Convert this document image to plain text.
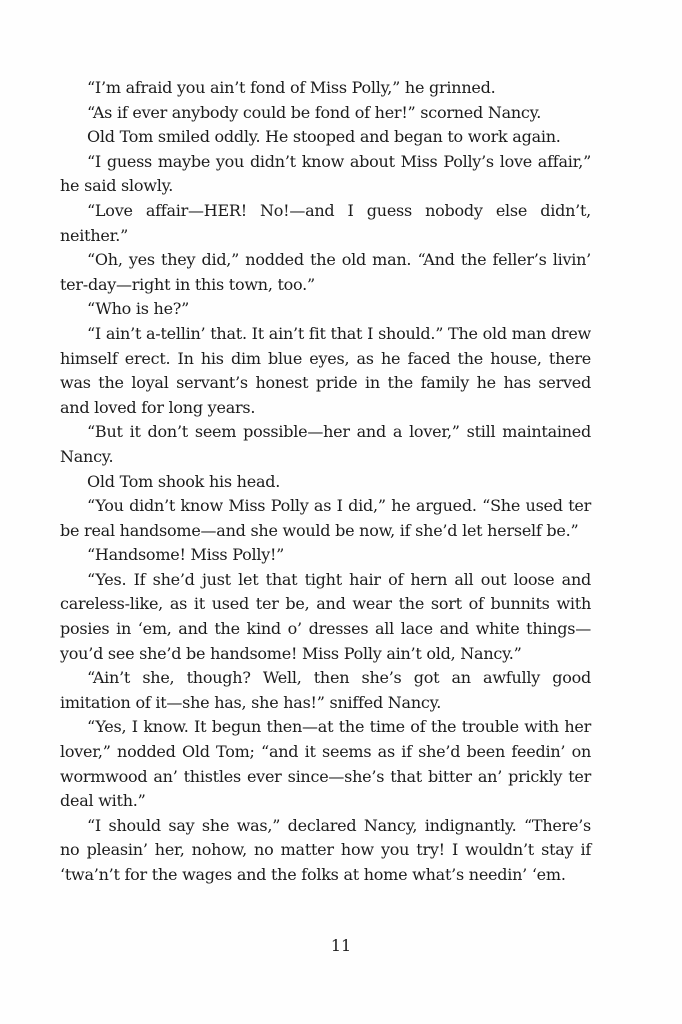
“I’m afraid you ain’t fond of Miss Polly,” he grinned.

“As if ever anybody could be fond of her!” scorned Nancy.

Old Tom smiled oddly. He stooped and began to work again.

“I guess maybe you didn’t know about Miss Polly’s love affair,” he said slowly.

“Love affair—HER! No!—and I guess nobody else didn’t, neither.”

“Oh, yes they did,” nodded the old man. “And the feller’s livin’ ter-day—right in this town, too.”

“Who is he?”

“I ain’t a-tellin’ that. It ain’t fit that I should.” The old man drew himself erect. In his dim blue eyes, as he faced the house, there was the loyal servant’s honest pride in the family he has served and loved for long years.

“But it don’t seem possible—her and a lover,” still maintained Nancy.

Old Tom shook his head.

“You didn’t know Miss Polly as I did,” he argued. “She used ter be real handsome—and she would be now, if she’d let herself be.”

“Handsome! Miss Polly!”

“Yes. If she’d just let that tight hair of hern all out loose and careless-like, as it used ter be, and wear the sort of bunnits with posies in ‘em, and the kind o’ dresses all lace and white things—you’d see she’d be handsome! Miss Polly ain’t old, Nancy.”

“Ain’t she, though? Well, then she’s got an awfully good imitation of it—she has, she has!” sniffed Nancy.

“Yes, I know. It begun then—at the time of the trouble with her lover,” nodded Old Tom; “and it seems as if she’d been feedin’ on wormwood an’ thistles ever since—she’s that bitter an’ prickly ter deal with.”

“I should say she was,” declared Nancy, indignantly. “There’s no pleasin’ her, nohow, no matter how you try! I wouldn’t stay if ‘twa’n’t for the wages and the folks at home what’s needin’ ‘em.

11
